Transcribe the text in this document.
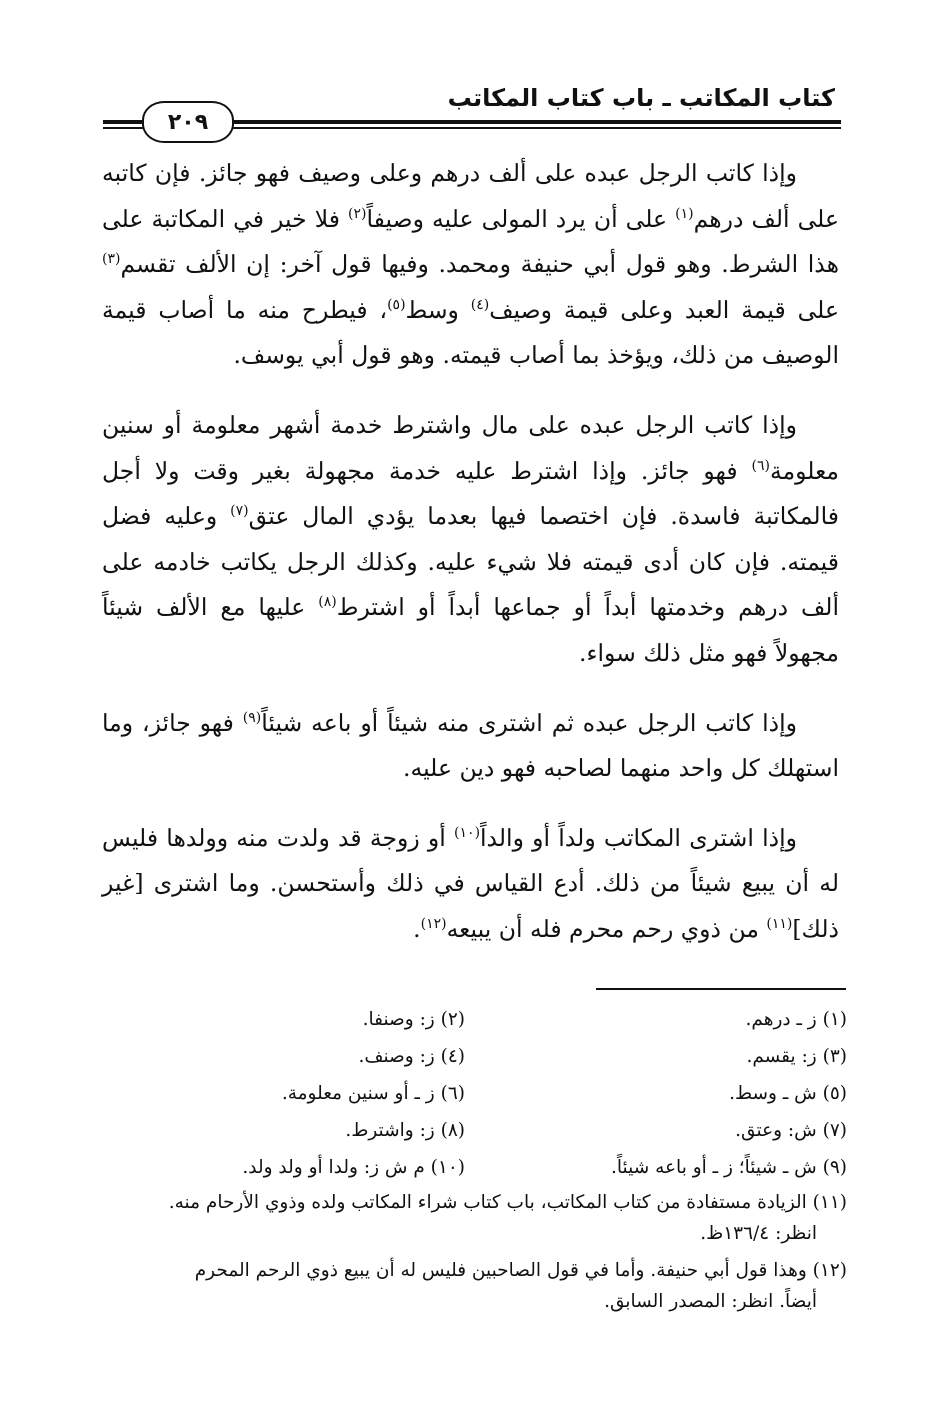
كتاب المكاتب ـ باب كتاب المكاتب
٢٠٩

وإذا كاتب الرجل عبده على ألف درهم وعلى وصيف فهو جائز. فإن كاتبه على ألف درهم$^{(١)}$ على أن يرد المولى عليه وصيفاً$^{(٢)}$ فلا خير في المكاتبة على هذا الشرط. وهو قول أبي حنيفة ومحمد. وفيها قول آخر: إن الألف تقسم$^{(٣)}$ على قيمة العبد وعلى قيمة وصيف$^{(٤)}$ وسط$^{(٥)}$، فيطرح منه ما أصاب قيمة الوصيف من ذلك، ويؤخذ بما أصاب قيمته. وهو قول أبي يوسف.

وإذا كاتب الرجل عبده على مال واشترط خدمة أشهر معلومة أو سنين معلومة$^{(٦)}$ فهو جائز. وإذا اشترط عليه خدمة مجهولة بغير وقت ولا أجل فالمكاتبة فاسدة. فإن اختصما فيها بعدما يؤدي المال عتق$^{(٧)}$ وعليه فضل قيمته. فإن كان أدى قيمته فلا شيء عليه. وكذلك الرجل يكاتب خادمه على ألف درهم وخدمتها أبداً أو جماعها أبداً أو اشترط$^{(٨)}$ عليها مع الألف شيئاً مجهولاً فهو مثل ذلك سواء.

وإذا كاتب الرجل عبده ثم اشترى منه شيئاً أو باعه شيئاً$^{(٩)}$ فهو جائز، وما استهلك كل واحد منهما لصاحبه فهو دين عليه.

وإذا اشترى المكاتب ولداً أو والداً$^{(١٠)}$ أو زوجة قد ولدت منه وولدها فليس له أن يبيع شيئاً من ذلك. أدع القياس في ذلك وأستحسن. وما اشترى [غير ذلك]$^{(١١)}$ من ذوي رحم محرم فله أن يبيعه$^{(١٢)}$.

(١) ز ـ درهم.
(٢) ز: وصنفا.
(٣) ز: يقسم.
(٤) ز: وصنف.
(٥) ش ـ وسط.
(٦) ز ـ أو سنين معلومة.
(٧) ش: وعتق.
(٨) ز: واشترط.
(٩) ش ـ شيئاً؛ ز ـ أو باعه شيئاً.
(١٠) م ش ز: ولدا أو ولد ولد.
(١١) الزيادة مستفادة من كتاب المكاتب، باب كتاب شراء المكاتب ولده وذوي الأرحام منه.
انظر: ١٣٦/٤ظ.
(١٢) وهذا قول أبي حنيفة. وأما في قول الصاحبين فليس له أن يبيع ذوي الرحم المحرم
أيضاً. انظر: المصدر السابق.
